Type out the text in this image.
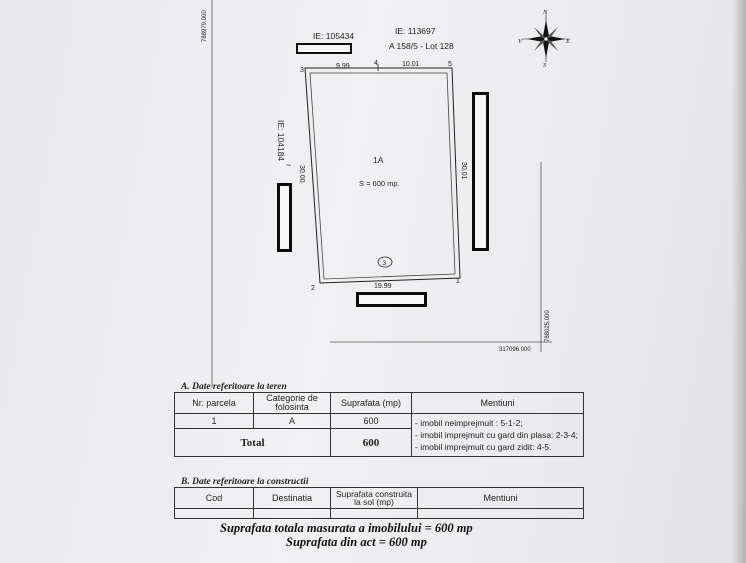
788979.000
788025.000
317096.000
IE: 105434	IE: 113697
A 158/5 - Lot 128
IE: 104184
~
3
4	5
2
1
9.99	10.01
19.99
30.00	30.01
1A
S = 600 mp.
3
N
E
S
V
A. Date referitoare la teren
Nr. parcela	Categorie de folosinta	Suprafata (mp)	Mentiuni
1	A	600	- imobil neimprejmuit : 5-1-2;
- imobil imprejmuit cu gard din plasa: 2-3-4;
- imobil imprejmuit cu gard zidit: 4-5.

Total		600	
B. Date referitoare la constructii
Cod	Destinatia	Suprafata construita la sol (mp)	Mentiuni

Suprafata totala masurata a imobilului = 600 mp
Suprafata din act = 600 mp
